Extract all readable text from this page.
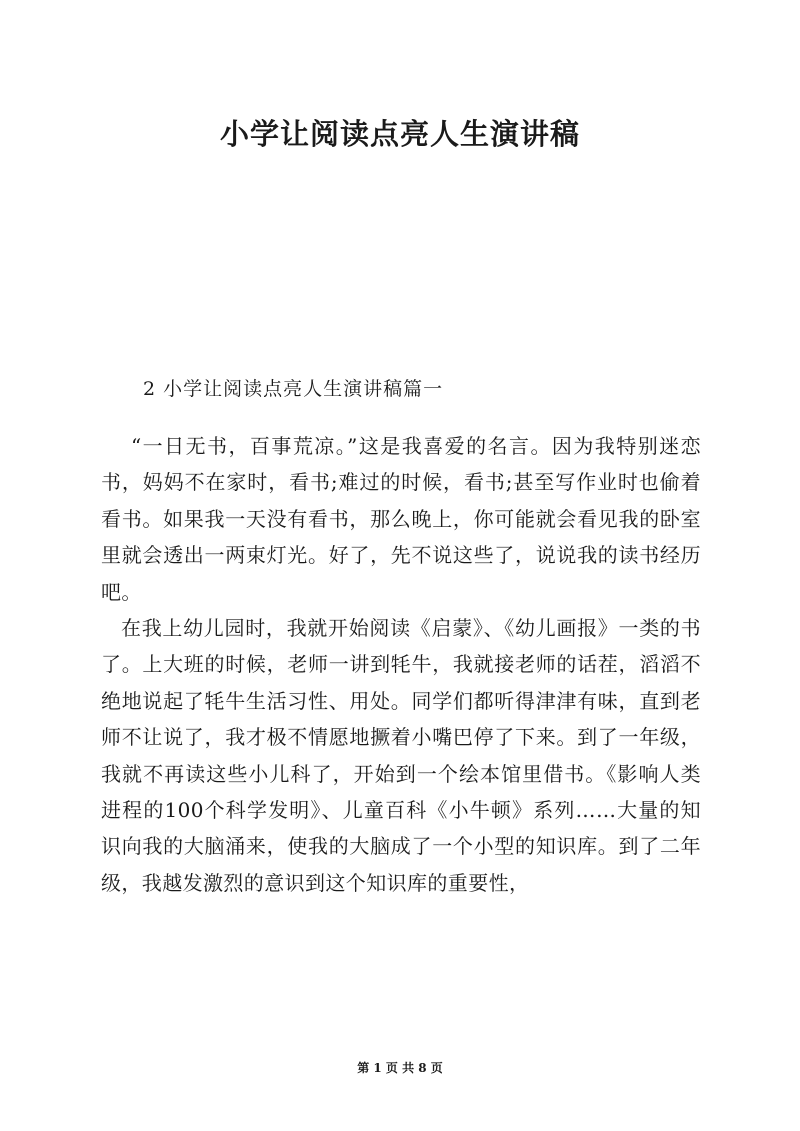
小学让阅读点亮人生演讲稿

2 小学让阅读点亮人生演讲稿篇一

“一日无书，百事荒凉。”这是我喜爱的名言。因为我特别迷恋书，妈妈不在家时，看书;难过的时候，看书;甚至写作业时也偷着看书。如果我一天没有看书，那么晚上，你可能就会看见我的卧室里就会透出一两束灯光。好了，先不说这些了，说说我的读书经历吧。

在我上幼儿园时，我就开始阅读《启蒙》、《幼儿画报》一类的书了。上大班的时候，老师一讲到牦牛，我就接老师的话茬，滔滔不绝地说起了牦牛生活习性、用处。同学们都听得津津有味，直到老师不让说了，我才极不情愿地撅着小嘴巴停了下来。到了一年级，我就不再读这些小儿科了，开始到一个绘本馆里借书。《影响人类进程的100个科学发明》、儿童百科《小牛顿》系列……大量的知识向我的大脑涌来，使我的大脑成了一个小型的知识库。到了二年级，我越发激烈的意识到这个知识库的重要性，

第 1 页 共 8 页
